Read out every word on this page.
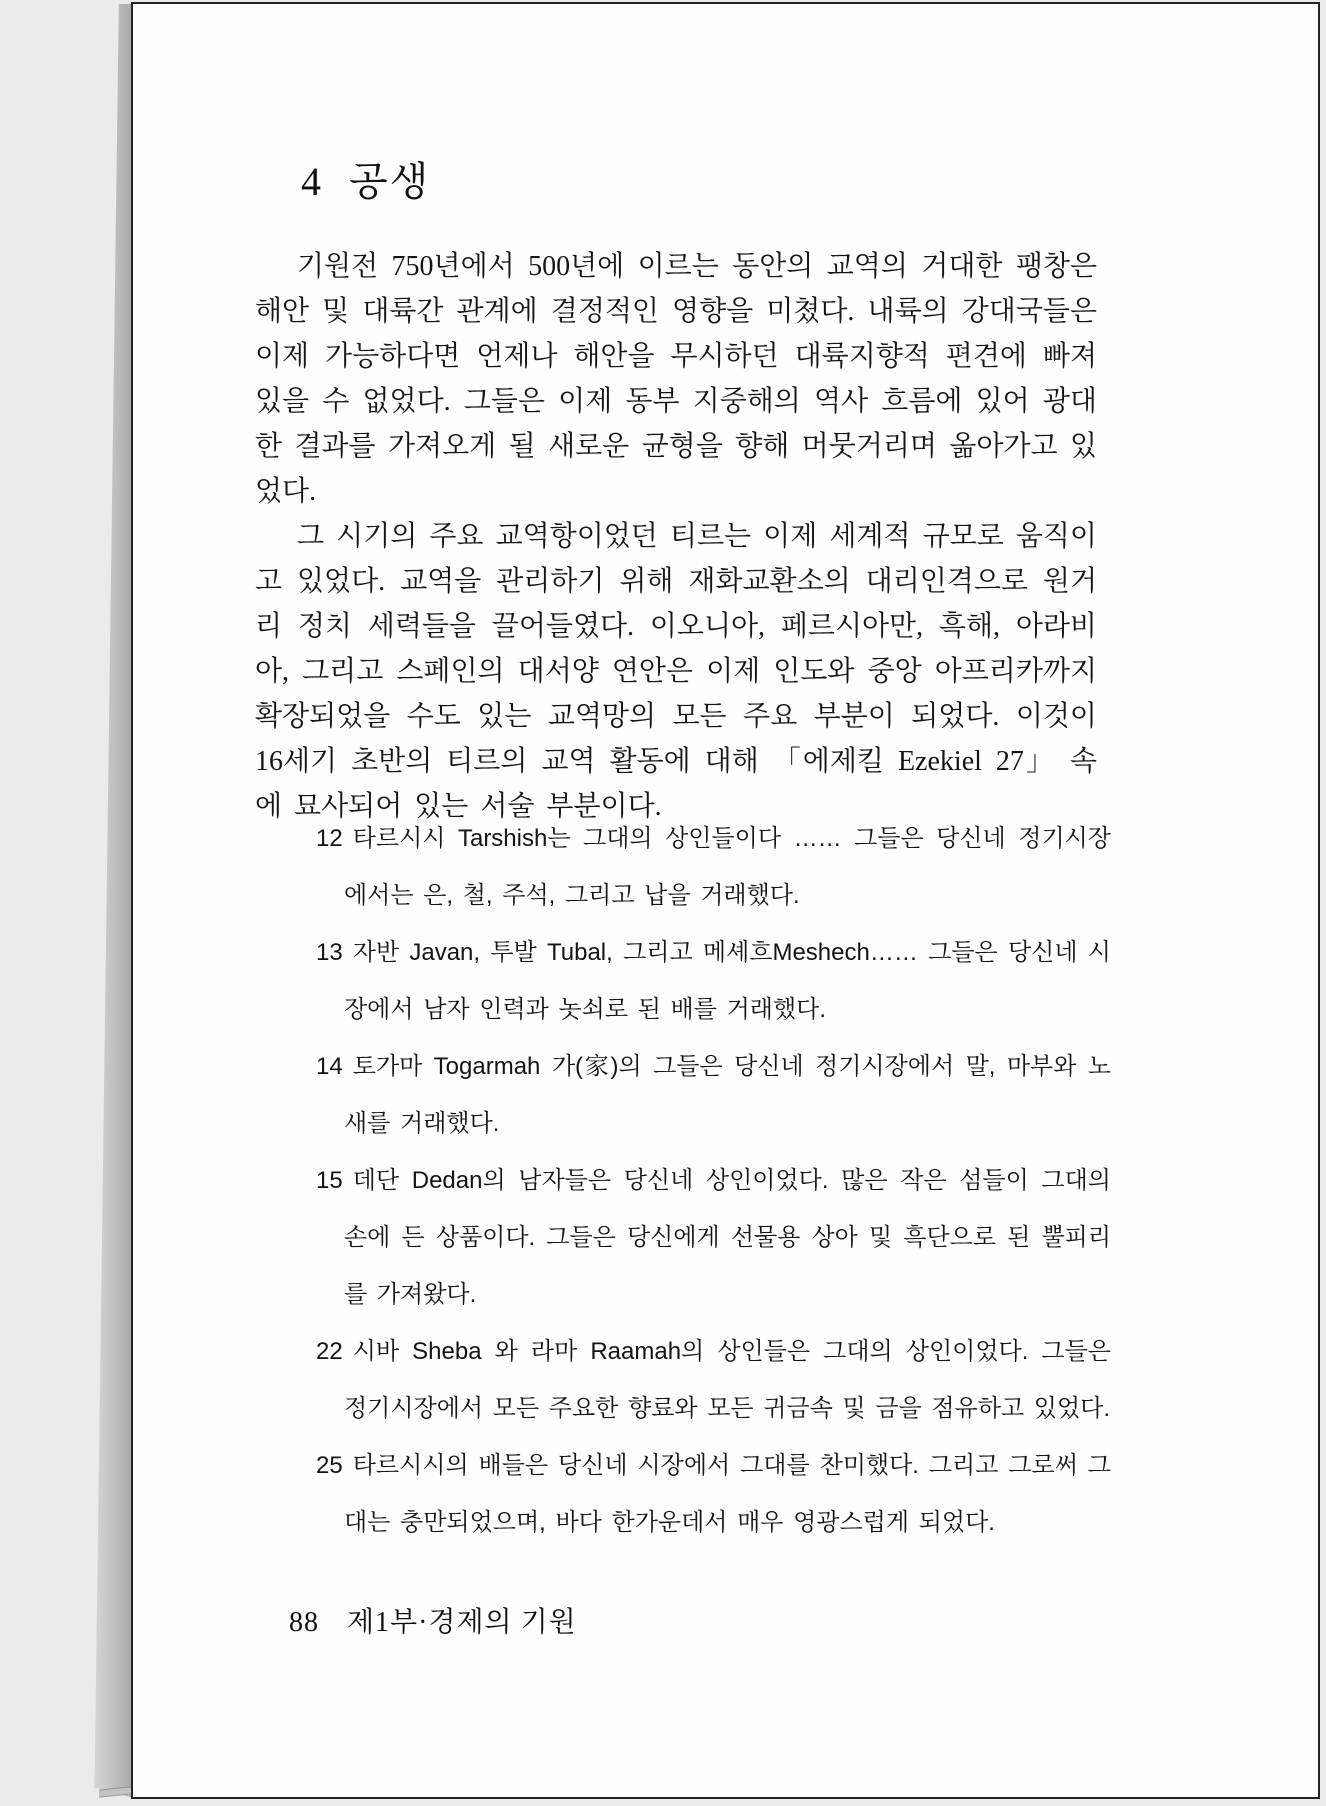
4 공생

기원전 750년에서 500년에 이르는 동안의 교역의 거대한 팽창은 해안 및 대륙간 관계에 결정적인 영향을 미쳤다. 내륙의 강대국들은 이제 가능하다면 언제나 해안을 무시하던 대륙지향적 편견에 빠져 있을 수 없었다. 그들은 이제 동부 지중해의 역사 흐름에 있어 광대한 결과를 가져오게 될 새로운 균형을 향해 머뭇거리며 옮아가고 있었다.

그 시기의 주요 교역항이었던 티르는 이제 세계적 규모로 움직이고 있었다. 교역을 관리하기 위해 재화교환소의 대리인격으로 원거리 정치 세력들을 끌어들였다. 이오니아, 페르시아만, 흑해, 아라비아, 그리고 스페인의 대서양 연안은 이제 인도와 중앙 아프리카까지 확장되었을 수도 있는 교역망의 모든 주요 부분이 되었다. 이것이 16세기 초반의 티르의 교역 활동에 대해 「에제킬 Ezekiel 27」 속에 묘사되어 있는 서술 부분이다.

12 타르시시 Tarshish는 그대의 상인들이다 …… 그들은 당신네 정기시장에서는 은, 철, 주석, 그리고 납을 거래했다.

13 자반 Javan, 투발 Tubal, 그리고 메셰흐Meshech…… 그들은 당신네 시장에서 남자 인력과 놋쇠로 된 배를 거래했다.

14 토가마 Togarmah 가(家)의 그들은 당신네 정기시장에서 말, 마부와 노새를 거래했다.

15 데단 Dedan의 남자들은 당신네 상인이었다. 많은 작은 섬들이 그대의 손에 든 상품이다. 그들은 당신에게 선물용 상아 및 흑단으로 된 뿔피리를 가져왔다.

22 시바 Sheba 와 라마 Raamah의 상인들은 그대의 상인이었다. 그들은 정기시장에서 모든 주요한 향료와 모든 귀금속 및 금을 점유하고 있었다.

25 타르시시의 배들은 당신네 시장에서 그대를 찬미했다. 그리고 그로써 그대는 충만되었으며, 바다 한가운데서 매우 영광스럽게 되었다.

88 제1부·경제의 기원
